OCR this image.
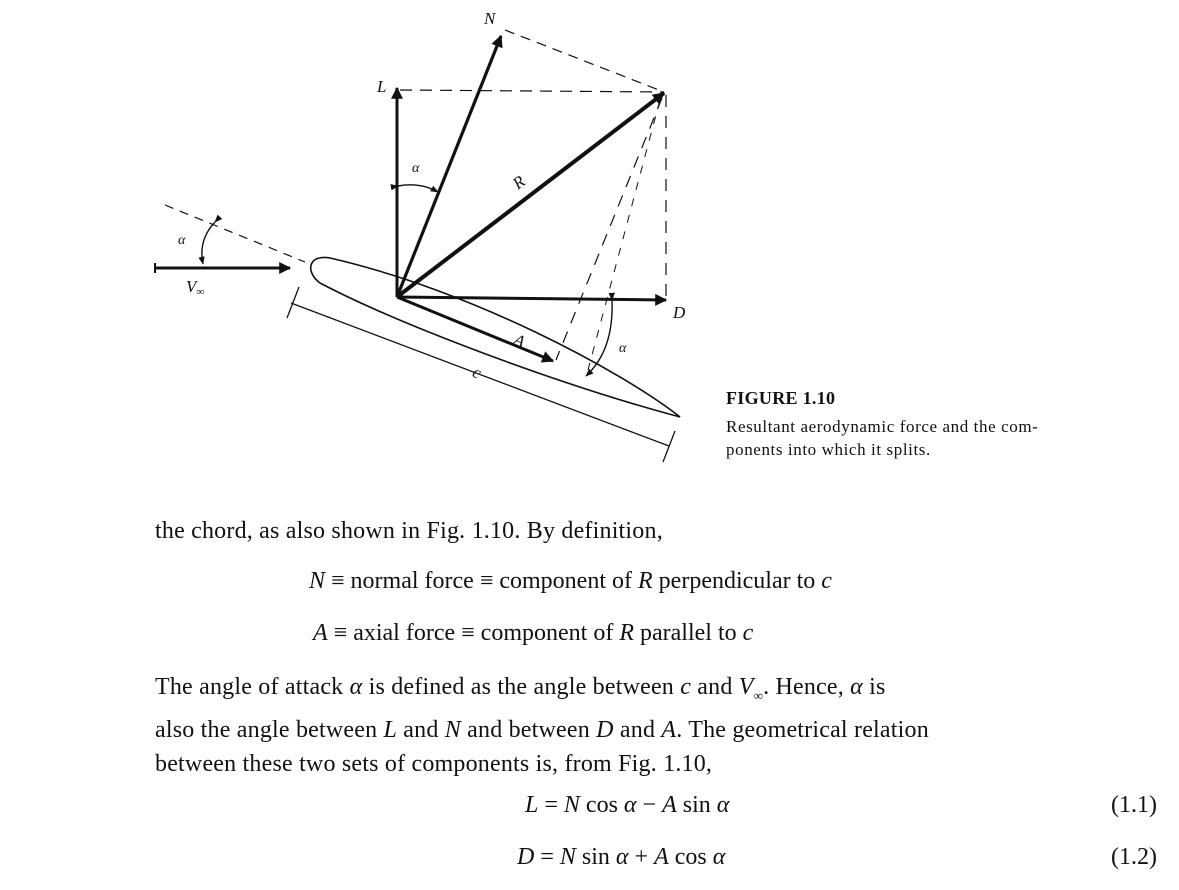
N
L
R
D
A
c
α
α
α
V∞

FIGURE 1.10

Resultant aerodynamic force and the com-
ponents into which it splits.

the chord, as also shown in Fig. 1.10. By definition,

N ≡ normal force ≡ component of R perpendicular to c
A ≡ axial force ≡ component of R parallel to c
The angle of attack α is defined as the angle between c and $V_\infty$. Hence, α is
also the angle between L and N and between D and A. The geometrical relation
between these two sets of components is, from Fig. 1.10,
L = N cos α − A sin α	(1.1)
D = N sin α + A cos α	(1.2)
